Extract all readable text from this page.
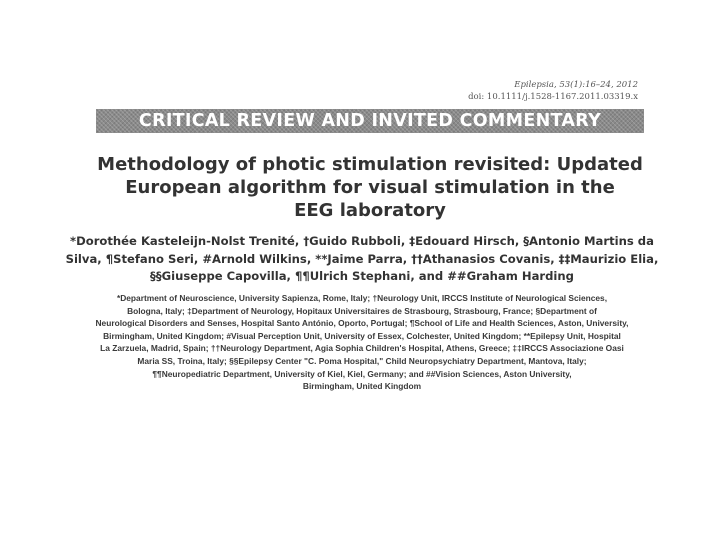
Epilepsia, 53(1):16–24, 2012
doi: 10.1111/j.1528-1167.2011.03319.x
CRITICAL REVIEW AND INVITED COMMENTARY
Methodology of photic stimulation revisited: Updated
European algorithm for visual stimulation in the
EEG laboratory
*Dorothée Kasteleijn-Nolst Trenité, †Guido Rubboli, ‡Edouard Hirsch, §Antonio Martins da
Silva, ¶Stefano Seri, #Arnold Wilkins, **Jaime Parra, ††Athanasios Covanis, ‡‡Maurizio Elia,
§§Giuseppe Capovilla, ¶¶Ulrich Stephani, and ##Graham Harding
*Department of Neuroscience, University Sapienza, Rome, Italy; †Neurology Unit, IRCCS Institute of Neurological Sciences,
Bologna, Italy; ‡Department of Neurology, Hopitaux Universitaires de Strasbourg, Strasbourg, France; §Department of
Neurological Disorders and Senses, Hospital Santo António, Oporto, Portugal; ¶School of Life and Health Sciences, Aston, University,
Birmingham, United Kingdom; #Visual Perception Unit, University of Essex, Colchester, United Kingdom; **Epilepsy Unit, Hospital
La Zarzuela, Madrid, Spain; ††Neurology Department, Agia Sophia Children's Hospital, Athens, Greece; ‡‡IRCCS Associazione Oasi
Maria SS, Troina, Italy; §§Epilepsy Center "C. Poma Hospital," Child Neuropsychiatry Department, Mantova, Italy;
¶¶Neuropediatric Department, University of Kiel, Kiel, Germany; and ##Vision Sciences, Aston University,
Birmingham, United Kingdom
